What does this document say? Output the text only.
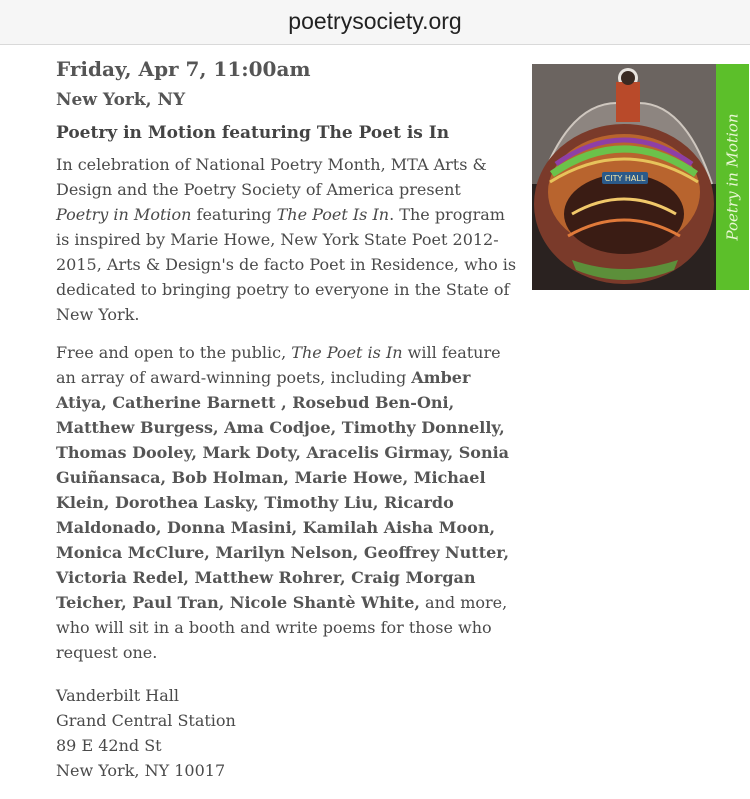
poetrysociety.org
Friday, Apr 7, 11:00am
New York, NY
Poetry in Motion featuring The Poet is In
In celebration of National Poetry Month, MTA Arts & Design and the Poetry Society of America present Poetry in Motion featuring The Poet Is In. The program is inspired by Marie Howe, New York State Poet 2012-2015, Arts & Design's de facto Poet in Residence, who is dedicated to bringing poetry to everyone in the State of New York.
Free and open to the public, The Poet is In will feature an array of award-winning poets, including Amber Atiya, Catherine Barnett , Rosebud Ben-Oni, Matthew Burgess, Ama Codjoe, Timothy Donnelly, Thomas Dooley, Mark Doty, Aracelis Girmay, Sonia Guiñansaca, Bob Holman, Marie Howe, Michael Klein, Dorothea Lasky, Timothy Liu, Ricardo Maldonado, Donna Masini, Kamilah Aisha Moon, Monica McClure, Marilyn Nelson, Geoffrey Nutter, Victoria Redel, Matthew Rohrer, Craig Morgan Teicher, Paul Tran, Nicole Shantè White, and more, who will sit in a booth and write poems for those who request one.
Vanderbilt Hall
Grand Central Station
89 E 42nd St
New York, NY 10017
CITY HALL	Poetry in Motion
